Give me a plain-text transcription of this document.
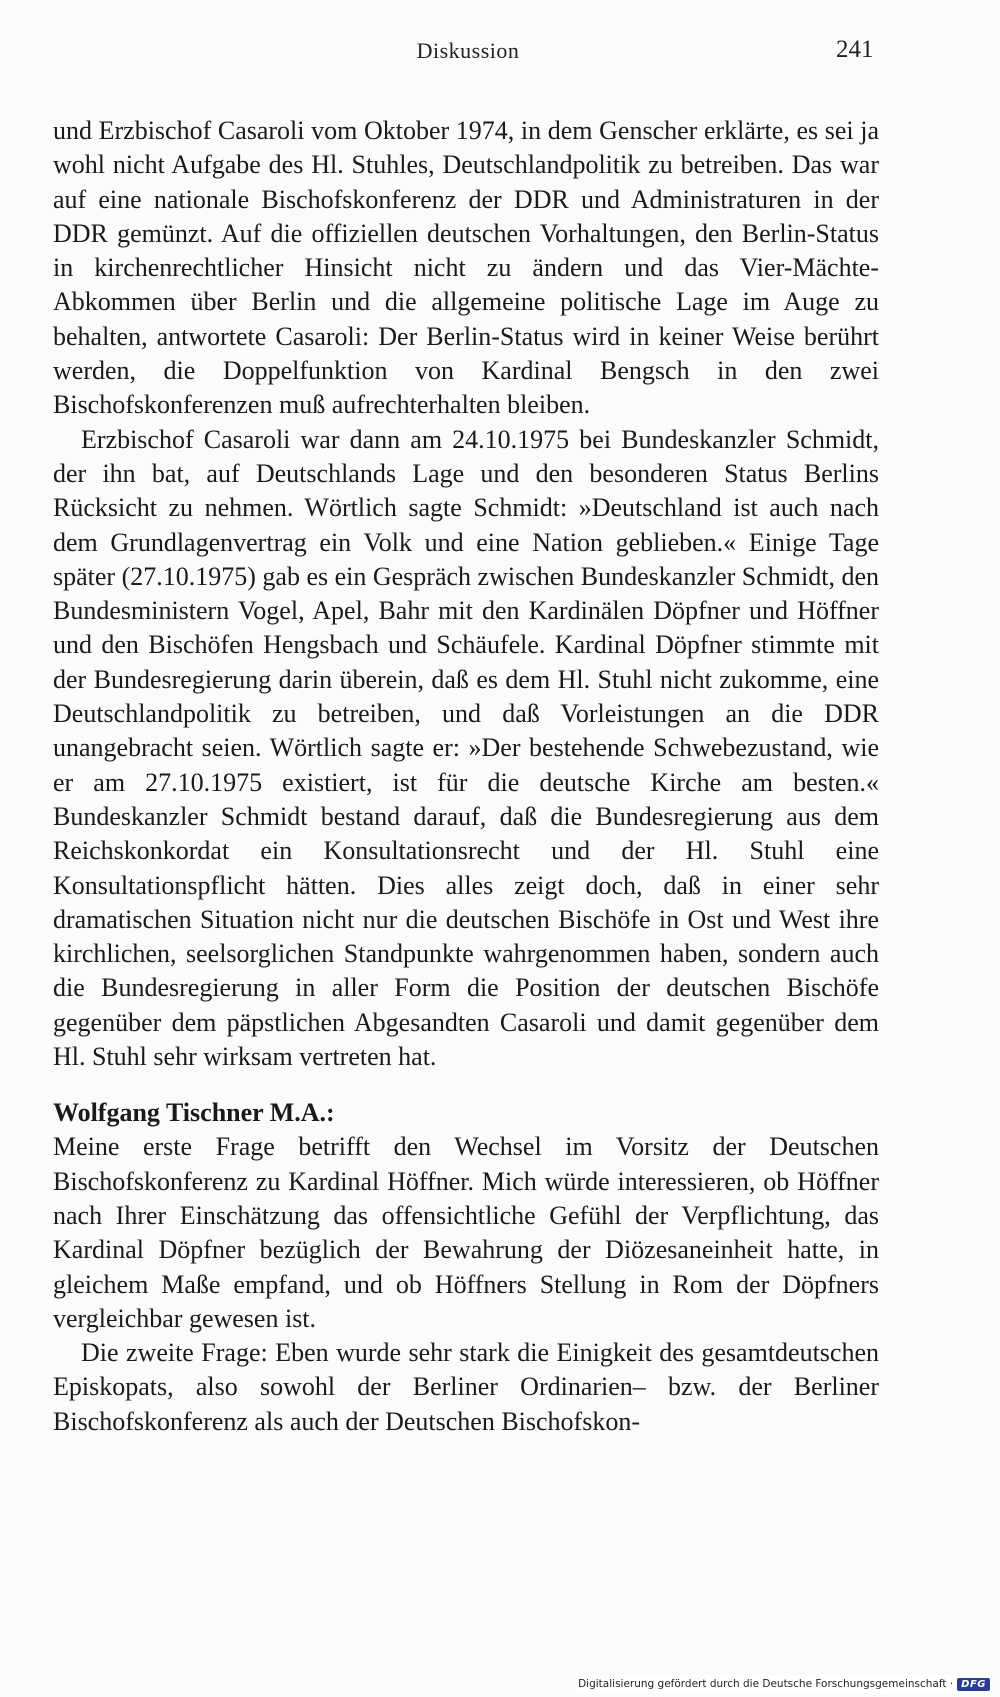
Diskussion	241

und Erzbischof Casaroli vom Oktober 1974, in dem Genscher erklärte, es sei ja wohl nicht Aufgabe des Hl. Stuhles, Deutschlandpolitik zu betreiben. Das war auf eine nationale Bischofskonferenz der DDR und Administraturen in der DDR gemünzt. Auf die offiziellen deutschen Vorhaltungen, den Berlin-Status in kirchenrechtlicher Hinsicht nicht zu ändern und das Vier-Mächte-Abkommen über Berlin und die allgemeine politische Lage im Auge zu behalten, antwortete Casaroli: Der Berlin-Status wird in keiner Weise berührt werden, die Doppelfunktion von Kardinal Bengsch in den zwei Bischofskonferenzen muß aufrechterhalten bleiben.

Erzbischof Casaroli war dann am 24.10.1975 bei Bundeskanzler Schmidt, der ihn bat, auf Deutschlands Lage und den besonderen Status Berlins Rücksicht zu nehmen. Wörtlich sagte Schmidt: »Deutschland ist auch nach dem Grundlagenvertrag ein Volk und eine Nation geblieben.« Einige Tage später (27.10.1975) gab es ein Gespräch zwischen Bundeskanzler Schmidt, den Bundesministern Vogel, Apel, Bahr mit den Kardinälen Döpfner und Höffner und den Bischöfen Hengsbach und Schäufele. Kardinal Döpfner stimmte mit der Bundesregierung darin überein, daß es dem Hl. Stuhl nicht zukomme, eine Deutschlandpolitik zu betreiben, und daß Vorleistungen an die DDR unangebracht seien. Wörtlich sagte er: »Der bestehende Schwebezustand, wie er am 27.10.1975 existiert, ist für die deutsche Kirche am besten.« Bundeskanzler Schmidt bestand darauf, daß die Bundesregierung aus dem Reichskonkordat ein Konsultationsrecht und der Hl. Stuhl eine Konsultationspflicht hätten. Dies alles zeigt doch, daß in einer sehr dramatischen Situation nicht nur die deutschen Bischöfe in Ost und West ihre kirchlichen, seelsorglichen Standpunkte wahrgenommen haben, sondern auch die Bundesregierung in aller Form die Position der deutschen Bischöfe gegenüber dem päpstlichen Abgesandten Casaroli und damit gegenüber dem Hl. Stuhl sehr wirksam vertreten hat.

Wolfgang Tischner M.A.:

Meine erste Frage betrifft den Wechsel im Vorsitz der Deutschen Bischofskonferenz zu Kardinal Höffner. Mich würde interessieren, ob Höffner nach Ihrer Einschätzung das offensichtliche Gefühl der Verpflichtung, das Kardinal Döpfner bezüglich der Bewahrung der Diözesaneinheit hatte, in gleichem Maße empfand, und ob Höffners Stellung in Rom der Döpfners vergleichbar gewesen ist.

Die zweite Frage: Eben wurde sehr stark die Einigkeit des gesamtdeutschen Episkopats, also sowohl der Berliner Ordinarien– bzw. der Berliner Bischofskonferenz als auch der Deutschen Bischofskon-

Digitalisierung gefördert durch die Deutsche Forschungsgemeinschaft · DFG
